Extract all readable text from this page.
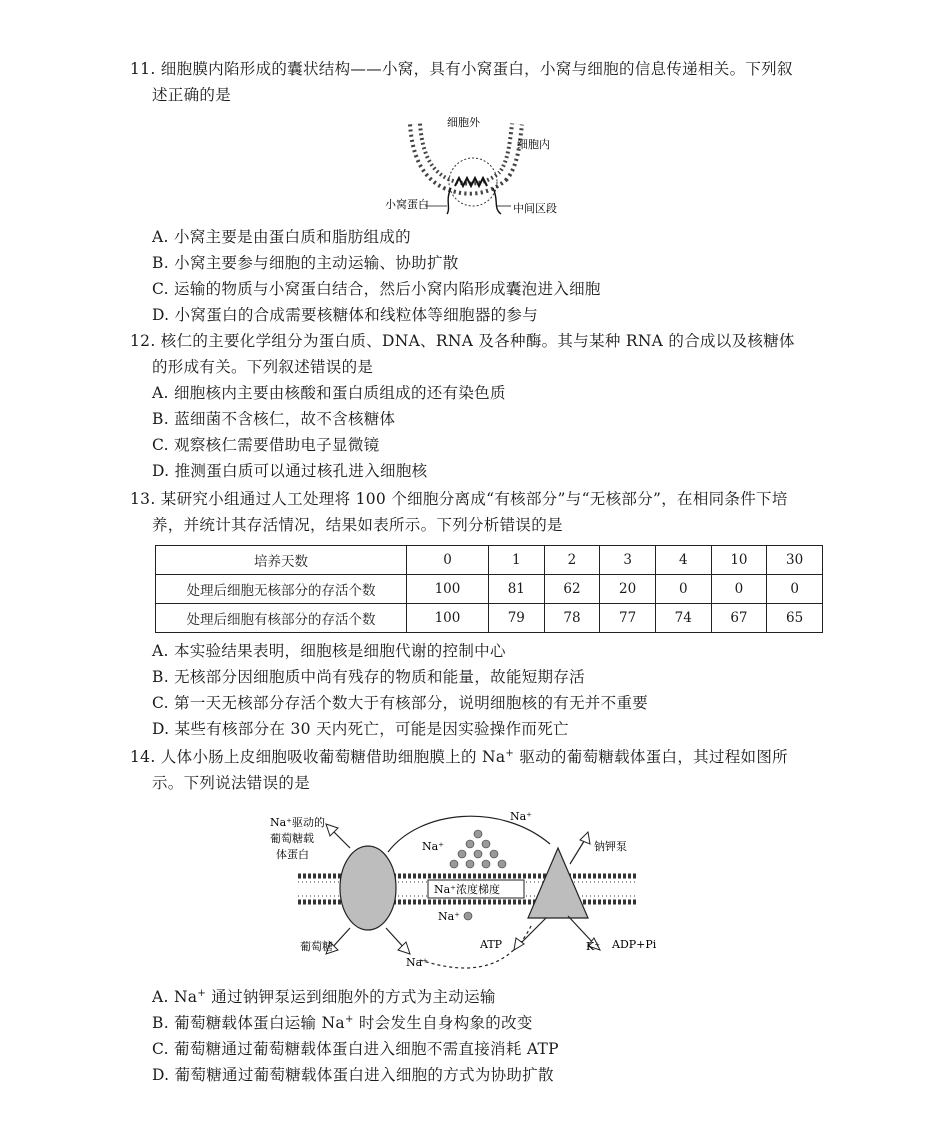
11. 细胞膜内陷形成的囊状结构——小窝，具有小窝蛋白，小窝与细胞的信息传递相关。下列叙
述正确的是
细胞外
细胞内
小窝蛋白	中间区段
A. 小窝主要是由蛋白质和脂肪组成的
B. 小窝主要参与细胞的主动运输、协助扩散
C. 运输的物质与小窝蛋白结合，然后小窝内陷形成囊泡进入细胞
D. 小窝蛋白的合成需要核糖体和线粒体等细胞器的参与
12. 核仁的主要化学组分为蛋白质、DNA、RNA 及各种酶。其与某种 RNA 的合成以及核糖体
的形成有关。下列叙述错误的是
A. 细胞核内主要由核酸和蛋白质组成的还有染色质
B. 蓝细菌不含核仁，故不含核糖体
C. 观察核仁需要借助电子显微镜
D. 推测蛋白质可以通过核孔进入细胞核
13. 某研究小组通过人工处理将 100 个细胞分离成“有核部分”与“无核部分”，在相同条件下培
养，并统计其存活情况，结果如表所示。下列分析错误的是
培养天数	0	1	2	3	4	10	30
处理后细胞无核部分的存活个数	100	81	62	20	0	0	0
处理后细胞有核部分的存活个数	100	79	78	77	74	67	65
A. 本实验结果表明，细胞核是细胞代谢的控制中心
B. 无核部分因细胞质中尚有残存的物质和能量，故能短期存活
C. 第一天无核部分存活个数大于有核部分，说明细胞核的有无并不重要
D. 某些有核部分在 30 天内死亡，可能是因实验操作而死亡
14. 人体小肠上皮细胞吸收葡萄糖借助细胞膜上的 Na+ 驱动的葡萄糖载体蛋白，其过程如图所
示。下列说法错误的是
Na⁺驱动的
葡萄糖载
体蛋白
Na⁺
Na⁺	钠钾泵
Na⁺浓度梯度
Na⁺
ATP	K⁺ ADP+Pi
葡萄糖
Na⁺
A. Na+ 通过钠钾泵运到细胞外的方式为主动运输
B. 葡萄糖载体蛋白运输 Na+ 时会发生自身构象的改变
C. 葡萄糖通过葡萄糖载体蛋白进入细胞不需直接消耗 ATP
D. 葡萄糖通过葡萄糖载体蛋白进入细胞的方式为协助扩散
